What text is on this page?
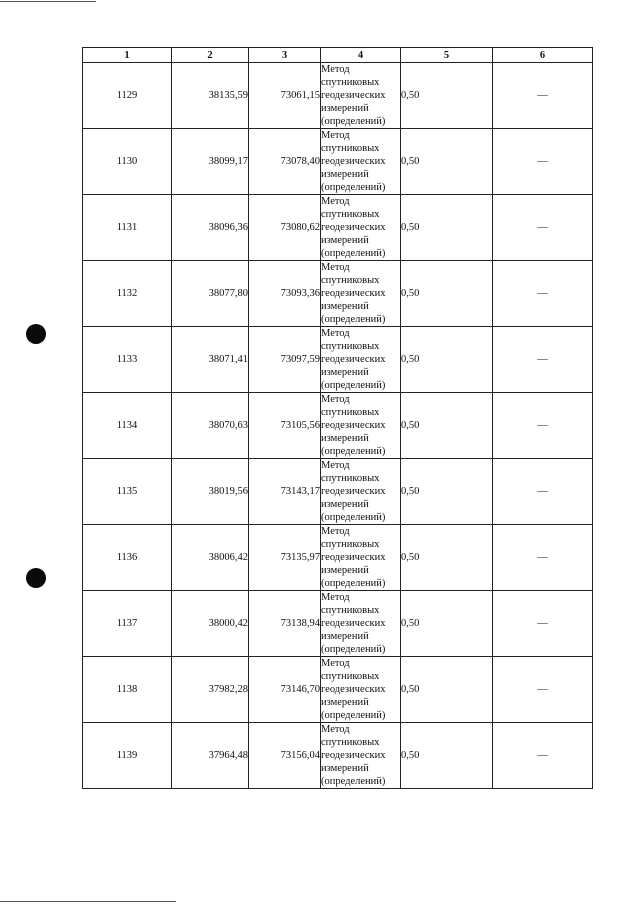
1	2	3	4	5	6
1129	38135,59	73061,15	Метод
спутниковых
геодезических
измерений
(определений)	0,50	—
1130	38099,17	73078,40	Метод
спутниковых
геодезических
измерений
(определений)	0,50	—
1131	38096,36	73080,62	Метод
спутниковых
геодезических
измерений
(определений)	0,50	—
1132	38077,80	73093,36	Метод
спутниковых
геодезических
измерений
(определений)	0,50	—
1133	38071,41	73097,59	Метод
спутниковых
геодезических
измерений
(определений)	0,50	—
1134	38070,63	73105,56	Метод
спутниковых
геодезических
измерений
(определений)	0,50	—
1135	38019,56	73143,17	Метод
спутниковых
геодезических
измерений
(определений)	0,50	—
1136	38006,42	73135,97	Метод
спутниковых
геодезических
измерений
(определений)	0,50	—
1137	38000,42	73138,94	Метод
спутниковых
геодезических
измерений
(определений)	0,50	—
1138	37982,28	73146,70	Метод
спутниковых
геодезических
измерений
(определений)	0,50	—
1139	37964,48	73156,04	Метод
спутниковых
геодезических
измерений
(определений)	0,50	—
